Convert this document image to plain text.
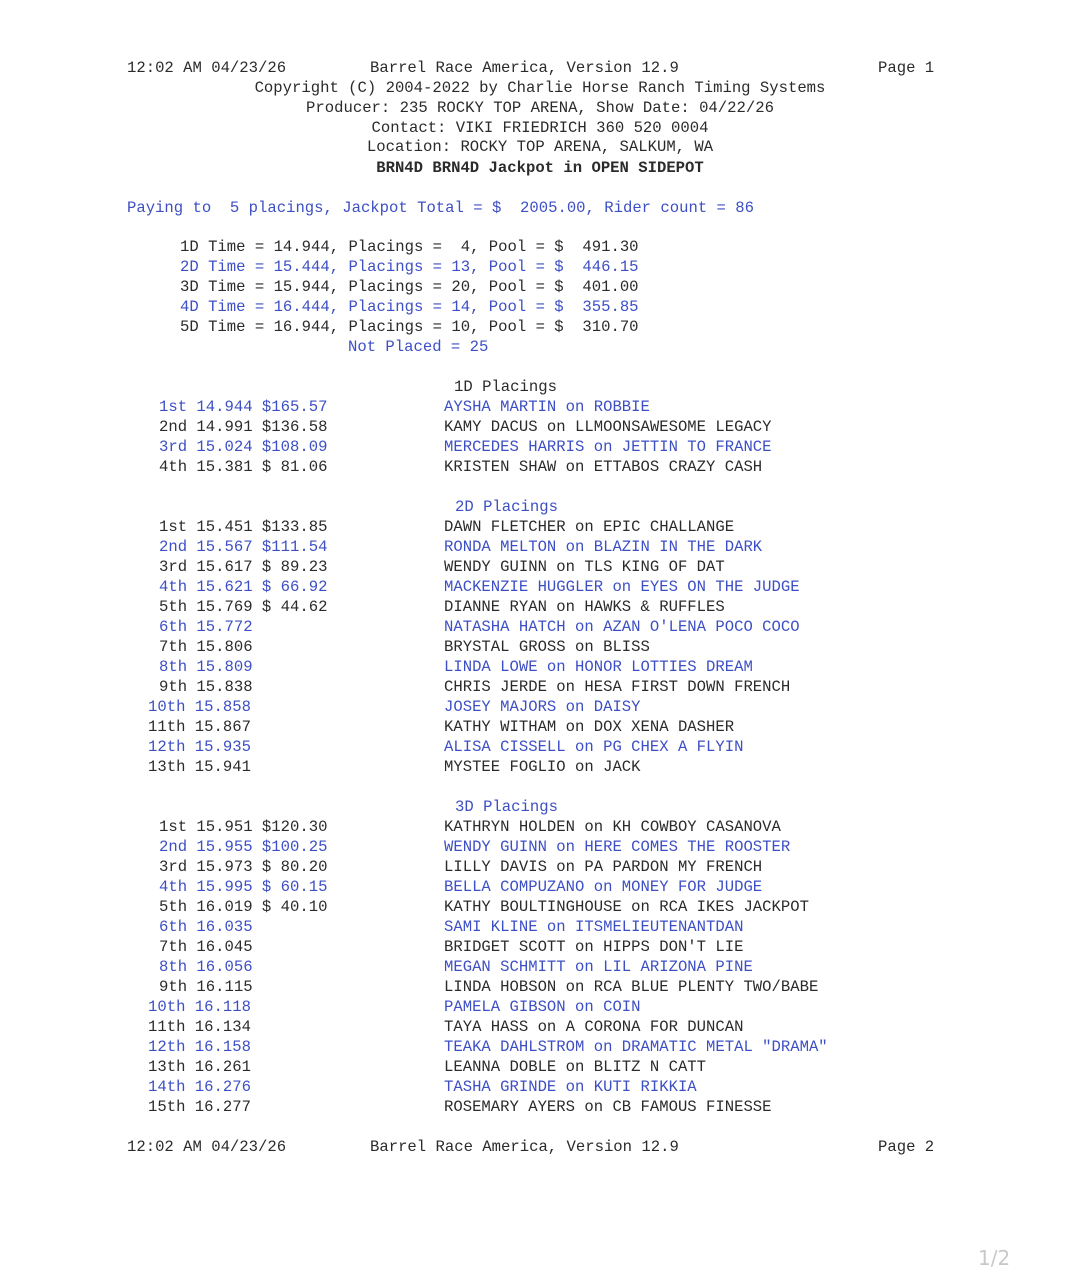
12:02 AM 04/23/26	Barrel Race America, Version 12.9	Page 1
Copyright (C) 2004-2022 by Charlie Horse Ranch Timing Systems
Producer: 235 ROCKY TOP ARENA, Show Date: 04/22/26
Contact: VIKI FRIEDRICH 360 520 0004
Location: ROCKY TOP ARENA, SALKUM, WA
BRN4D BRN4D Jackpot in OPEN SIDEPOT
Paying to  5 placings, Jackpot Total = $  2005.00, Rider count = 86
1D Time = 14.944, Placings =  4, Pool = $  491.30
2D Time = 15.444, Placings = 13, Pool = $  446.15
3D Time = 15.944, Placings = 20, Pool = $  401.00
4D Time = 16.444, Placings = 14, Pool = $  355.85
5D Time = 16.944, Placings = 10, Pool = $  310.70
Not Placed = 25
1D Placings
1st 14.944 $165.57	AYSHA MARTIN on ROBBIE
2nd 14.991 $136.58	KAMY DACUS on LLMOONSAWESOME LEGACY
3rd 15.024 $108.09	MERCEDES HARRIS on JETTIN TO FRANCE
4th 15.381 $ 81.06	KRISTEN SHAW on ETTABOS CRAZY CASH
2D Placings
1st 15.451 $133.85	DAWN FLETCHER on EPIC CHALLANGE
2nd 15.567 $111.54	RONDA MELTON on BLAZIN IN THE DARK
3rd 15.617 $ 89.23	WENDY GUINN on TLS KING OF DAT
4th 15.621 $ 66.92	MACKENZIE HUGGLER on EYES ON THE JUDGE
5th 15.769 $ 44.62	DIANNE RYAN on HAWKS & RUFFLES
6th 15.772	NATASHA HATCH on AZAN O'LENA POCO COCO
7th 15.806	BRYSTAL GROSS on BLISS
8th 15.809	LINDA LOWE on HONOR LOTTIES DREAM
9th 15.838	CHRIS JERDE on HESA FIRST DOWN FRENCH
10th 15.858	JOSEY MAJORS on DAISY
11th 15.867	KATHY WITHAM on DOX XENA DASHER
12th 15.935	ALISA CISSELL on PG CHEX A FLYIN
13th 15.941	MYSTEE FOGLIO on JACK
3D Placings
1st 15.951 $120.30	KATHRYN HOLDEN on KH COWBOY CASANOVA
2nd 15.955 $100.25	WENDY GUINN on HERE COMES THE ROOSTER
3rd 15.973 $ 80.20	LILLY DAVIS on PA PARDON MY FRENCH
4th 15.995 $ 60.15	BELLA COMPUZANO on MONEY FOR JUDGE
5th 16.019 $ 40.10	KATHY BOULTINGHOUSE on RCA IKES JACKPOT
6th 16.035	SAMI KLINE on ITSMELIEUTENANTDAN
7th 16.045	BRIDGET SCOTT on HIPPS DON'T LIE
8th 16.056	MEGAN SCHMITT on LIL ARIZONA PINE
9th 16.115	LINDA HOBSON on RCA BLUE PLENTY TWO/BABE
10th 16.118	PAMELA GIBSON on COIN
11th 16.134	TAYA HASS on A CORONA FOR DUNCAN
12th 16.158	TEAKA DAHLSTROM on DRAMATIC METAL "DRAMA"
13th 16.261	LEANNA DOBLE on BLITZ N CATT
14th 16.276	TASHA GRINDE on KUTI RIKKIA
15th 16.277	ROSEMARY AYERS on CB FAMOUS FINESSE
12:02 AM 04/23/26	Barrel Race America, Version 12.9	Page 2
1/2
